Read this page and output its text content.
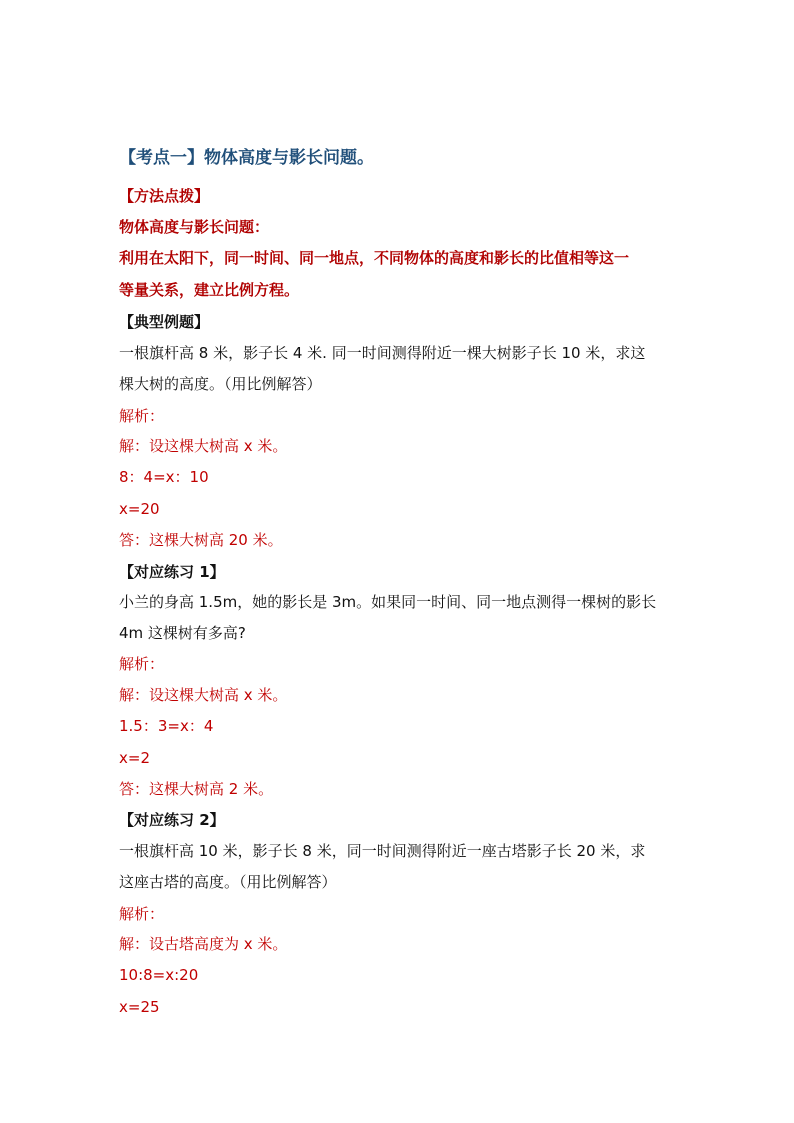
【考点一】物体高度与影长问题。
【方法点拨】
物体高度与影长问题：
利用在太阳下，同一时间、同一地点，不同物体的高度和影长的比值相等这一
等量关系，建立比例方程。
【典型例题】
一根旗杆高 8 米，影子长 4 米. 同一时间测得附近一棵大树影子长 10 米，求这
棵大树的高度。（用比例解答）
解析：
解：设这棵大树高 x 米。
8：4=x：10
x=20
答：这棵大树高 20 米。
【对应练习 1】
小兰的身高 1.5m，她的影长是 3m。如果同一时间、同一地点测得一棵树的影长
4m 这棵树有多高?
解析：
解：设这棵大树高 x 米。
1.5：3=x：4
x=2
答：这棵大树高 2 米。
【对应练习 2】
一根旗杆高 10 米，影子长 8 米，同一时间测得附近一座古塔影子长 20 米，求
这座古塔的高度。（用比例解答）
解析：
解：设古塔高度为 x 米。
10:8=x:20
x=25
